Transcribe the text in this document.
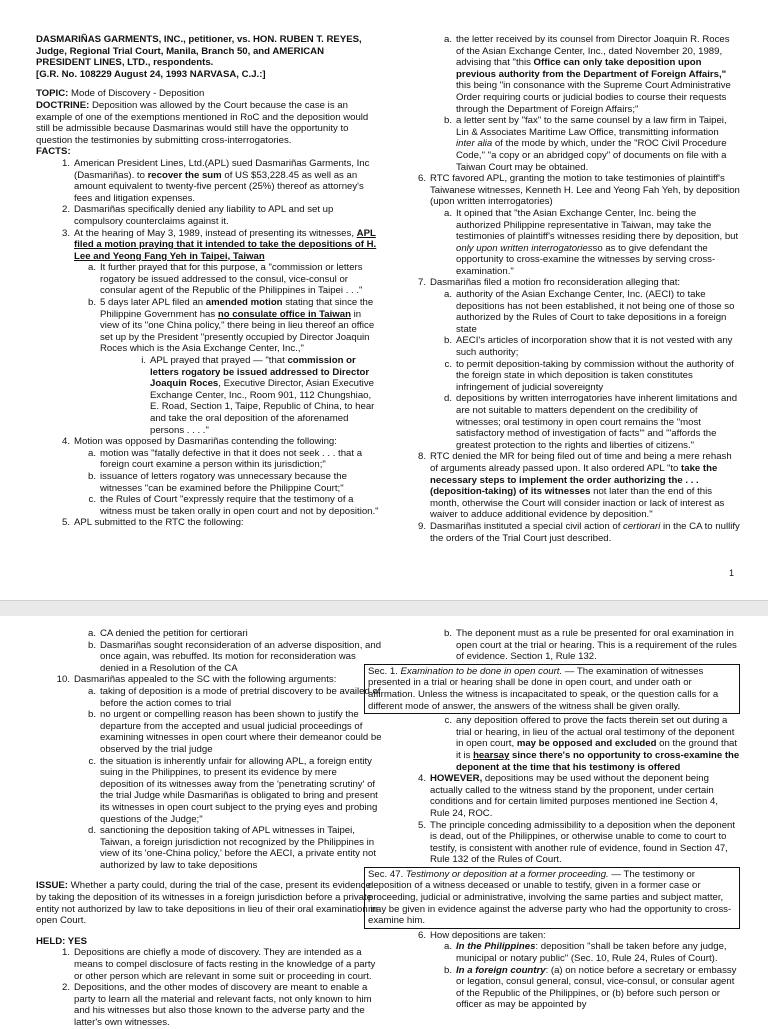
DASMARIÑAS GARMENTS, INC., petitioner, vs. HON. RUBEN T. REYES,

Judge, Regional Trial Court, Manila, Branch 50, and AMERICAN

PRESIDENT LINES, LTD., respondents.

[G.R. No. 108229 August 24, 1993 NARVASA, C.J.:]

TOPIC: Mode of Discovery - Deposition

DOCTRINE: Deposition was allowed by the Court because the case is an example of one of the exemptions mentioned in RoC and the deposition would still be admissible because Dasmarinas would still have the opportunity to question the testimonies by submitting cross-interrogatories.

FACTS:

1. American President Lines, Ltd.(APL) sued Dasmariñas Garments, Inc (Dasmariñas). to recover the sum of US $53,228.45 as well as an amount equivalent to twenty-five percent (25%) thereof as attorney's fees and litigation expenses.
2. Dasmariñas specifically denied any liability to APL and set up compulsory counterclaims against it.
3. At the hearing of May 3, 1989, instead of presenting its witnesses, APL filed a motion praying that it intended to take the depositions of H. Lee and Yeong Fang Yeh in Taipei, Taiwan
a. It further prayed that for this purpose, a "commission or letters rogatory be issued addressed to the consul, vice-consul or consular agent of the Republic of the Philippines in Taipei . . ."
b. 5 days later APL filed an amended motion stating that since the Philippine Government has no consulate office in Taiwan in view of its "one China policy," there being in lieu thereof an office set up by the President "presently occupied by Director Joaquin Roces which is the Asia Exchange Center, Inc.,"
i. APL prayed that prayed — "that commission or letters rogatory be issued addressed to Director Joaquin Roces, Executive Director, Asian Executive Exchange Center, Inc., Room 901, 112 Chungshiao, E. Road, Section 1, Taipe, Republic of China, to hear and take the oral deposition of the aforenamed persons . . . ."
4. Motion was opposed by Dasmariñas contending the following:
a. motion was "fatally defective in that it does not seek . . . that a foreign court examine a person within its jurisdiction;"
b. issuance of letters rogatory was unnecessary because the witnesses "can be examined before the Philippine Court;"
c. the Rules of Court "expressly require that the testimony of a witness must be taken orally in open court and not by deposition."
5. APL submitted to the RTC the following:
a. the letter received by its counsel from Director Joaquin R. Roces of the Asian Exchange Center, Inc., dated November 20, 1989, advising that "this Office can only take deposition upon previous authority from the Department of Foreign Affairs," this being "in consonance with the Supreme Court Administrative Order requiring courts or judicial bodies to course their requests through the Department of Foreign Affairs;"
b. a letter sent by "fax" to the same counsel by a law firm in Taipei, Lin & Associates Maritime Law Office, transmitting information inter alia of the mode by which, under the "ROC Civil Procedure Code," "a copy or an abridged copy" of documents on file with a Taiwan Court may be obtained.
6. RTC favored APL, granting the motion to take testimonies of plaintiff's Taiwanese witnesses, Kenneth H. Lee and Yeong Fah Yeh, by deposition (upon written interrogatories)
a. It opined that "the Asian Exchange Center, Inc. being the authorized Philippine representative in Taiwan, may take the testimonies of plaintiff's witnesses residing there by deposition, but only upon written interrogatoriesso as to give defendant the opportunity to cross-examine the witnesses by serving cross-examination."
7. Dasmariñas filed a motion fro reconsideration alleging that:
a. authority of the Asian Exchange Center, Inc. (AECI) to take depositions has not been established, it not being one of those so authorized by the Rules of Court to take depositions in a foreign state
b. AECI's articles of incorporation show that it is not vested with any such authority;
c. to permit deposition-taking by commission without the authority of the foreign state in which deposition is taken constitutes infringement of judicial sovereignty
d. depositions by written interrogatories have inherent limitations and are not suitable to matters dependent on the credibility of witnesses; oral testimony in open court remains the "most satisfactory method of investigation of facts'" and '"affords the greatest protection to the rights and liberties of citizens."
8. RTC denied the MR for being filed out of time and being a mere rehash of arguments already passed upon. It also ordered APL "to take the necessary steps to implement the order authorizing the . . . (deposition-taking) of its witnesses not later than the end of this month, otherwise the Court will consider inaction or lack of interest as waiver to adduce additional evidence by deposition."
9. Dasmariñas instituted a special civil action of certiorari in the CA to nullify the orders of the Trial Court just described.
1
a. CA denied the petition for certiorari
b. Dasmariñas sought reconsideration of an adverse disposition, and once again, was rebuffed. Its motion for reconsideration was denied in a Resolution of the CA
10. Dasmariñas appealed to the SC with the following arguments:
a. taking of deposition is a mode of pretrial discovery to be availed of before the action comes to trial
b. no urgent or compelling reason has been shown to justify the departure from the accepted and usual judicial proceedings of examining witnesses in open court where their demeanor could be observed by the trial judge
c. the situation is inherently unfair for allowing APL, a foreign entity suing in the Philippines, to present its evidence by mere deposition of its witnesses away from the 'penetrating scrutiny' of the trial Judge while Dasmariñas is obligated to bring and present its witnesses in open court subject to the prying eyes and probing questions of the Judge;"
d. sanctioning the deposition taking of APL witnesses in Taipei, Taiwan, a foreign jurisdiction not recognized by the Philippines in view of its 'one-China policy,' before the AECI, a private entity not authorized by law to take depositions

ISSUE: Whether a party could, during the trial of the case, present its evidence by taking the deposition of its witnesses in a foreign jurisdiction before a private entity not authorized by law to take depositions in lieu of their oral examination in open Court.

HELD: YES

1. Depositions are chiefly a mode of discovery. They are intended as a means to compel disclosure of facts resting in the knowledge of a party or other person which are relevant in some suit or proceeding in court.
2. Depositions, and the other modes of discovery are meant to enable a party to learn all the material and relevant facts, not only known to him and his witnesses but also those known to the adverse party and the latter's own witnesses.
b. The deponent must as a rule be presented for oral examination in open court at the trial or hearing. This is a requirement of the rules of evidence. Section 1, Rule 132.
Sec. 1. Examination to be done in open court. — The examination of witnesses presented in a trial or hearing shall be done in open court, and under oath or affirmation. Unless the witness is incapacitated to speak, or the question calls for a different mode of answer, the answers of the witness shall be given orally.
c. any deposition offered to prove the facts therein set out during a trial or hearing, in lieu of the actual oral testimony of the deponent in open court, may be opposed and excluded on the ground that it is hearsay since there's no opportunity to cross-examine the deponent at the time that his testimony is offered
4. HOWEVER, depositions may be used without the deponent being actually called to the witness stand by the proponent, under certain conditions and for certain limited purposes mentioned ine Section 4, Rule 24, ROC.
5. The principle conceding admissibility to a deposition when the deponent is dead, out of the Philippines, or otherwise unable to come to court to testify, is consistent with another rule of evidence, found in Section 47, Rule 132 of the Rules of Court.
Sec. 47. Testimony or deposition at a former proceeding. — The testimony or deposition of a witness deceased or unable to testify, given in a former case or proceeding, judicial or administrative, involving the same parties and subject matter, may be given in evidence against the adverse party who had the opportunity to cross-examine him.
6. How depositions are taken:
a. In the Philippines: deposition "shall be taken before any judge, municipal or notary public" (Sec. 10, Rule 24, Rules of Court).
b. In a foreign country: (a) on notice before a secretary or embassy or legation, consul general, consul, vice-consul, or consular agent of the Republic of the Philippines, or (b) before such person or officer as may be appointed by
